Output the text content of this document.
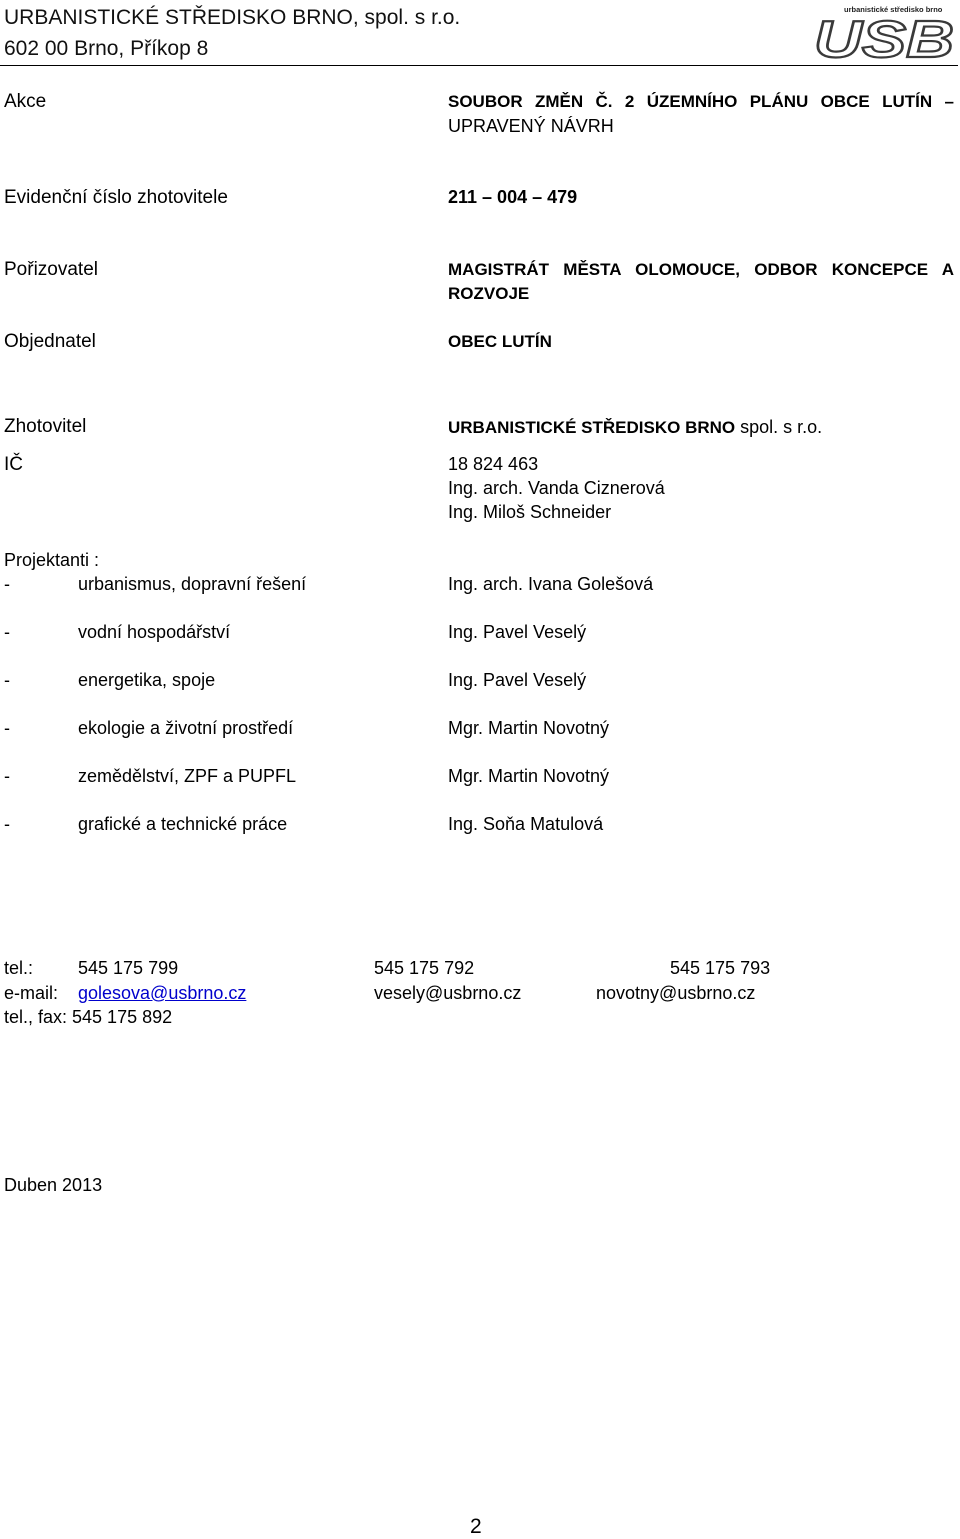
URBANISTICKÉ STŘEDISKO BRNO, spol. s r.o.
602 00 Brno, Příkop 8
urbanistické středisko brno
USB
Akce	SOUBOR ZMĚN Č. 2 ÚZEMNÍHO PLÁNU OBCE LUTÍN –
UPRAVENÝ NÁVRH
Evidenční číslo zhotovitele	211 – 004 – 479
Pořizovatel	MAGISTRÁT MĚSTA OLOMOUCE, ODBOR KONCEPCE A
ROZVOJE
Objednatel	OBEC LUTÍN
Zhotovitel	URBANISTICKÉ STŘEDISKO BRNO spol. s r.o.
IČ	18 824 463
Ing. arch. Vanda Ciznerová
Ing. Miloš Schneider
Projektanti :
-	urbanismus, dopravní řešení	Ing. arch. Ivana Golešová
-	vodní hospodářství	Ing. Pavel Veselý
-	energetika, spoje	Ing. Pavel Veselý
-	ekologie a životní prostředí	Mgr. Martin Novotný
-	zemědělství, ZPF a PUPFL	Mgr. Martin Novotný
-	grafické a technické práce	Ing. Soňa Matulová
tel.: 545 175 799	545 175 792	545 175 793
e-mail: golesova@usbrno.cz	vesely@usbrno.cz	novotny@usbrno.cz
tel., fax: 545 175 892
Duben 2013
2
